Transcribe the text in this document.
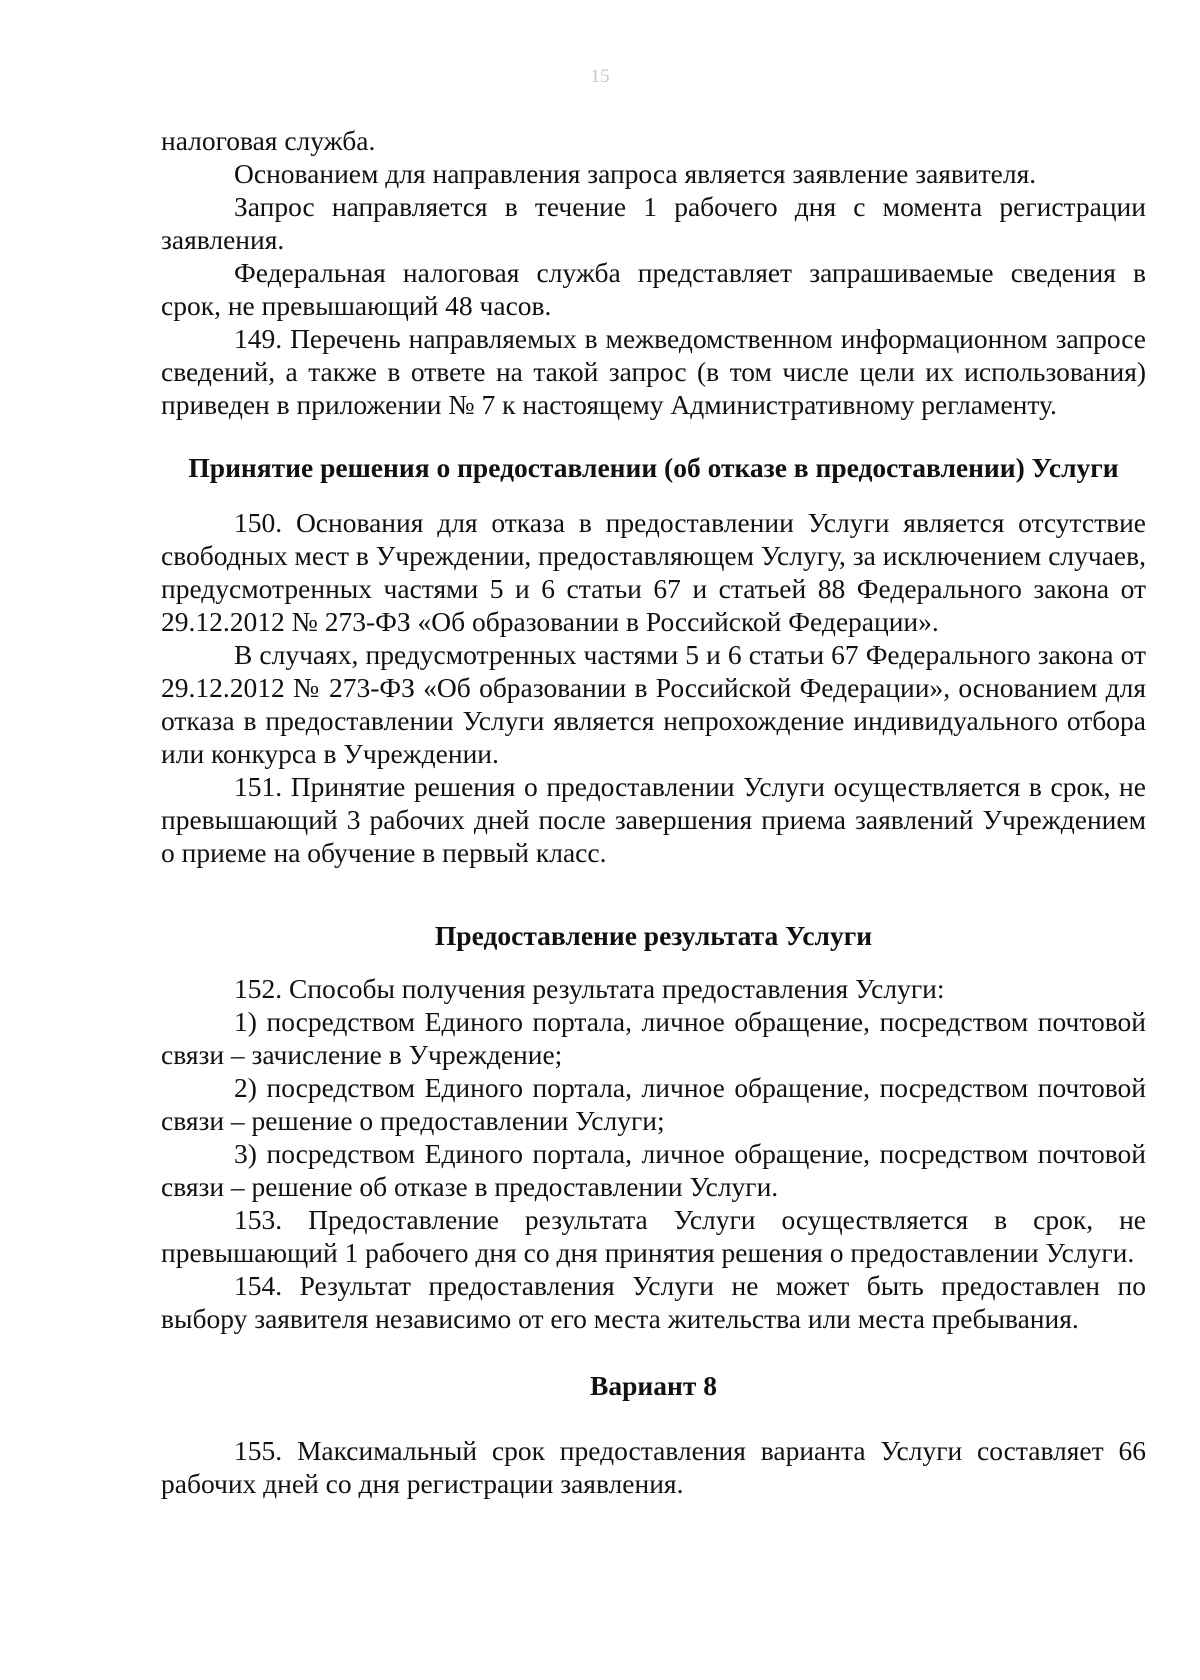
15

налоговая служба.

Основанием для направления запроса является заявление заявителя.

Запрос направляется в течение 1 рабочего дня с момента регистрации заявления.

Федеральная налоговая служба представляет запрашиваемые сведения в срок, не превышающий 48 часов.

149. Перечень направляемых в межведомственном информационном запросе сведений, а также в ответе на такой запрос (в том числе цели их использования) приведен в приложении № 7 к настоящему Административному регламенту.

Принятие решения о предоставлении (об отказе в предоставлении) Услуги

150. Основания для отказа в предоставлении Услуги является отсутствие свободных мест в Учреждении, предоставляющем Услугу, за исключением случаев, предусмотренных частями 5 и 6 статьи 67 и статьей 88 Федерального закона от 29.12.2012 № 273-ФЗ «Об образовании в Российской Федерации».

В случаях, предусмотренных частями 5 и 6 статьи 67 Федерального закона от 29.12.2012 № 273-ФЗ «Об образовании в Российской Федерации», основанием для отказа в предоставлении Услуги является непрохождение индивидуального отбора или конкурса в Учреждении.

151. Принятие решения о предоставлении Услуги осуществляется в срок, не превышающий 3 рабочих дней после завершения приема заявлений Учреждением о приеме на обучение в первый класс.

Предоставление результата Услуги

152. Способы получения результата предоставления Услуги:

1) посредством Единого портала, личное обращение, посредством почтовой связи – зачисление в Учреждение;

2) посредством Единого портала, личное обращение, посредством почтовой связи – решение о предоставлении Услуги;

3) посредством Единого портала, личное обращение, посредством почтовой связи – решение об отказе в предоставлении Услуги.

153. Предоставление результата Услуги осуществляется в срок, не превышающий 1 рабочего дня со дня принятия решения о предоставлении Услуги.

154. Результат предоставления Услуги не может быть предоставлен по выбору заявителя независимо от его места жительства или места пребывания.

Вариант 8

155. Максимальный срок предоставления варианта Услуги составляет 66 рабочих дней со дня регистрации заявления.
